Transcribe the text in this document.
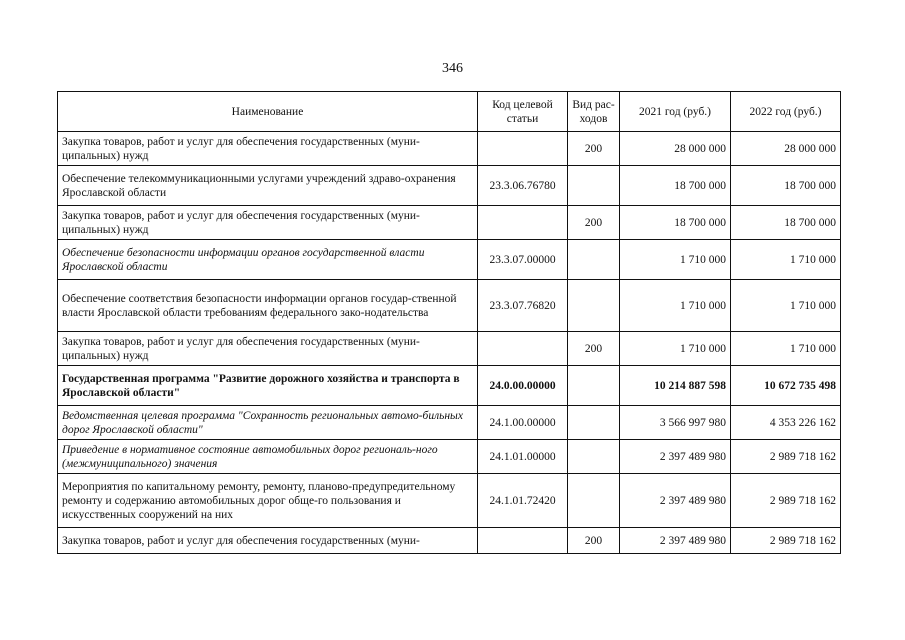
346
Наименование	Код целевой статьи	Вид рас-ходов	2021 год (руб.)	2022 год (руб.)
Закупка товаров, работ и услуг для обеспечения государственных (муни-ципальных) нужд		200	28 000 000	28 000 000
Обеспечение телекоммуникационными услугами учреждений здраво-охранения Ярославской области	23.3.06.76780		18 700 000	18 700 000
Закупка товаров, работ и услуг для обеспечения государственных (муни-ципальных) нужд		200	18 700 000	18 700 000
Обеспечение безопасности информации органов государственной власти Ярославской области	23.3.07.00000		1 710 000	1 710 000
Обеспечение соответствия безопасности информации органов государ-ственной власти Ярославской области требованиям федерального зако-нодательства	23.3.07.76820		1 710 000	1 710 000
Закупка товаров, работ и услуг для обеспечения государственных (муни-ципальных) нужд		200	1 710 000	1 710 000
Государственная программа "Развитие дорожного хозяйства и транспорта в Ярославской области"	24.0.00.00000		10 214 887 598	10 672 735 498
Ведомственная целевая программа "Сохранность региональных автомо-бильных дорог Ярославской области"	24.1.00.00000		3 566 997 980	4 353 226 162
Приведение в нормативное состояние автомобильных дорог региональ-ного (межмуниципального) значения	24.1.01.00000		2 397 489 980	2 989 718 162
Мероприятия по капитальному ремонту, ремонту, планово-предупредительному ремонту и содержанию автомобильных дорог обще-го пользования и искусственных сооружений на них	24.1.01.72420		2 397 489 980	2 989 718 162
Закупка товаров, работ и услуг для обеспечения государственных (муни-		200	2 397 489 980	2 989 718 162
